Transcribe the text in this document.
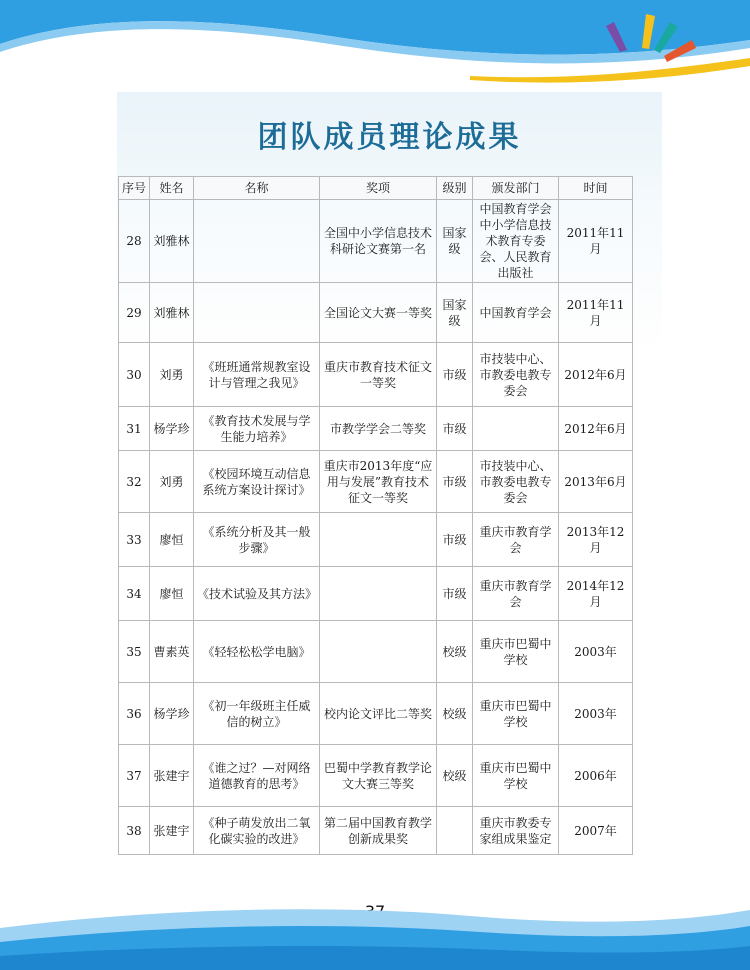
团队成员理论成果
序号	姓名	名称	奖项	级别	颁发部门	时间
28	刘雅林		全国中小学信息技术科研论文赛第一名	国家级	中国教育学会中小学信息技术教育专委会、人民教育出版社	2011年11月
29	刘雅林		全国论文大赛一等奖	国家级	中国教育学会	2011年11月
30	刘勇	《班班通常规教室设计与管理之我见》	重庆市教育技术征文一等奖	市级	市技装中心、市教委电教专委会	2012年6月
31	杨学珍	《教育技术发展与学生能力培养》	市教学学会二等奖	市级		2012年6月
32	刘勇	《校园环境互动信息系统方案设计探讨》	重庆市2013年度“应用与发展”教育技术征文一等奖	市级	市技装中心、市教委电教专委会	2013年6月
33	廖恒	《系统分析及其一般步骤》		市级	重庆市教育学会	2013年12月
34	廖恒	《技术试验及其方法》		市级	重庆市教育学会	2014年12月
35	曹素英	《轻轻松松学电脑》		校级	重庆市巴蜀中学校	2003年
36	杨学珍	《初一年级班主任威信的树立》	校内论文评比二等奖	校级	重庆市巴蜀中学校	2003年
37	张建宇	《谁之过？—对网络道德教育的思考》	巴蜀中学教育教学论文大赛三等奖	校级	重庆市巴蜀中学校	2006年
38	张建宇	《种子萌发放出二氧化碳实验的改进》	第二届中国教育教学创新成果奖		重庆市教委专家组成果鉴定	2007年
